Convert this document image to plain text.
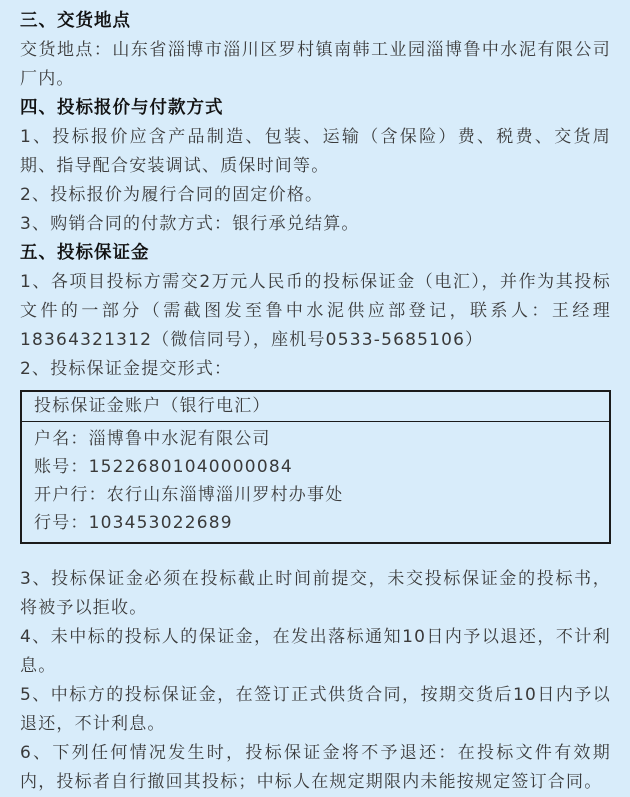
三、交货地点

交货地点：山东省淄博市淄川区罗村镇南韩工业园淄博鲁中水泥有限公司厂内。

四、投标报价与付款方式

1、投标报价应含产品制造、包装、运输（含保险）费、税费、交货周期、指导配合安装调试、质保时间等。

2、投标报价为履行合同的固定价格。

3、购销合同的付款方式：银行承兑结算。

五、投标保证金

1、各项目投标方需交2万元人民币的投标保证金（电汇），并作为其投标文件的一部分（需截图发至鲁中水泥供应部登记，联系人：王经理18364321312（微信同号），座机号0533-5685106）

2、投标保证金提交形式：

投标保证金账户（银行电汇）
户名：淄博鲁中水泥有限公司
账号：15226801040000084
开户行：农行山东淄博淄川罗村办事处
行号：103453022689

3、投标保证金必须在投标截止时间前提交，未交投标保证金的投标书，将被予以拒收。

4、未中标的投标人的保证金，在发出落标通知10日内予以退还，不计利息。

5、中标方的投标保证金，在签订正式供货合同，按期交货后10日内予以退还，不计利息。

6、下列任何情况发生时，投标保证金将不予退还：在投标文件有效期内，投标者自行撤回其投标；中标人在规定期限内未能按规定签订合同。
